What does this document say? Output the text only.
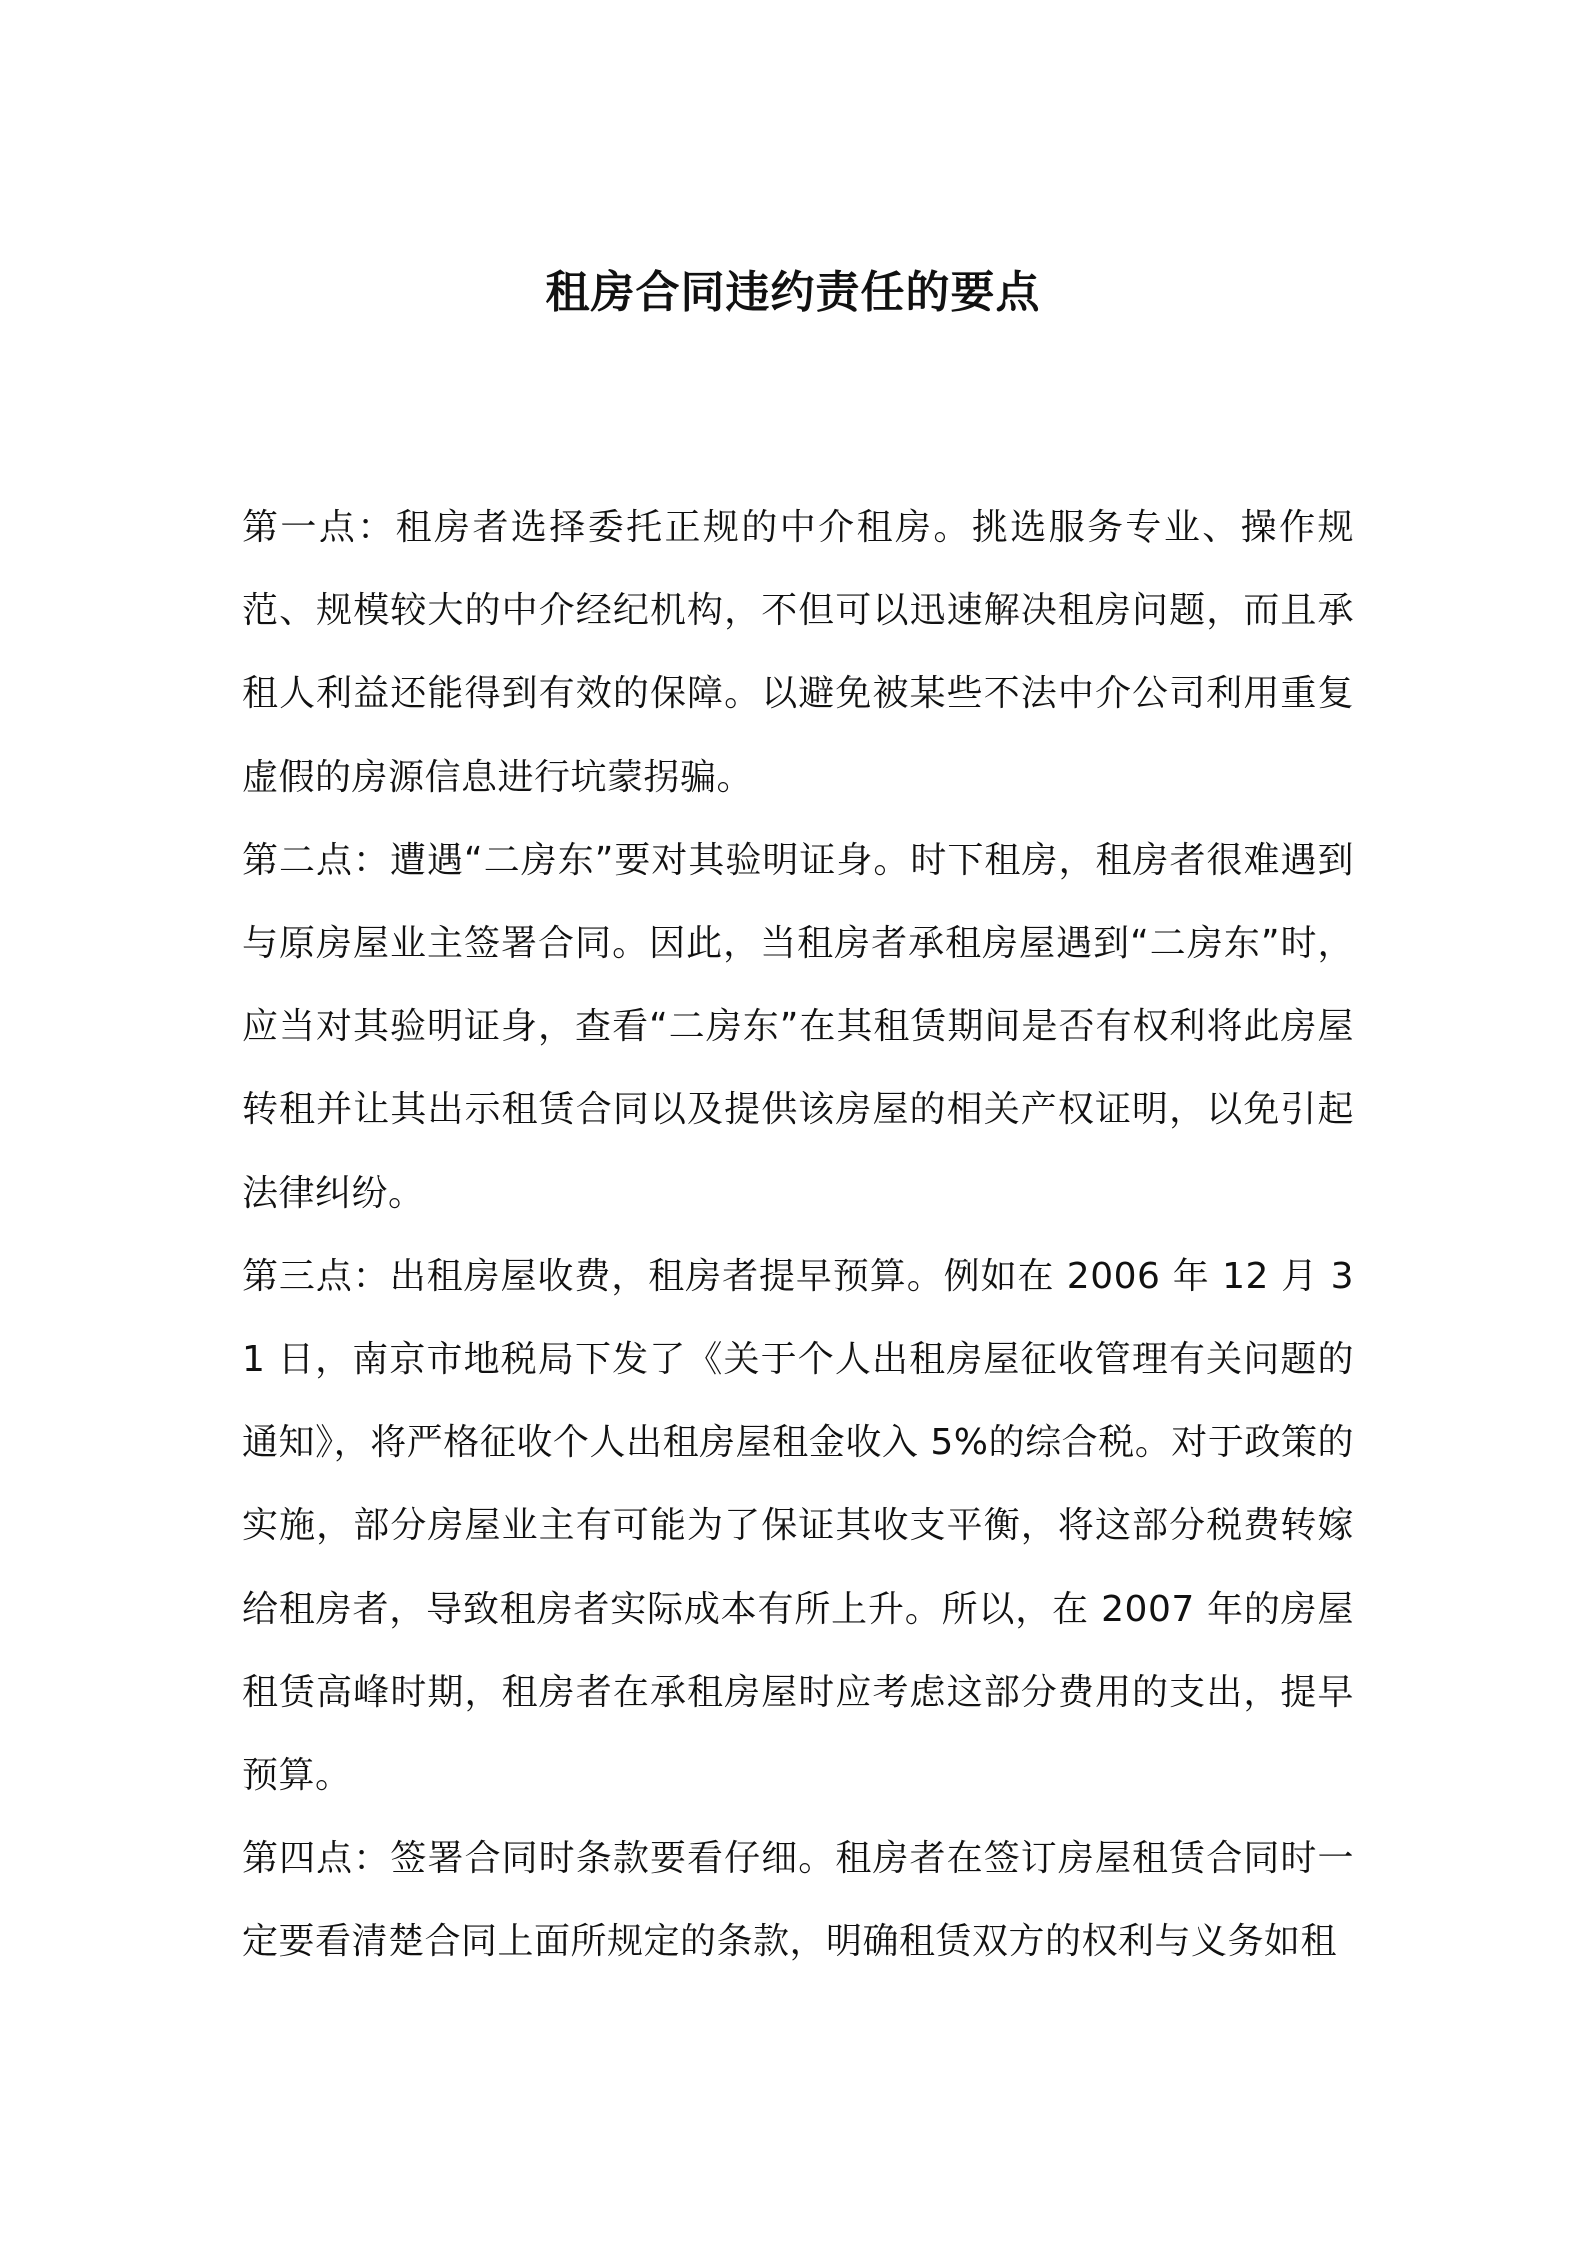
租房合同违约责任的要点

第一点：租房者选择委托正规的中介租房。挑选服务专业、操作规范、规模较大的中介经纪机构，不但可以迅速解决租房问题，而且承租人利益还能得到有效的保障。以避免被某些不法中介公司利用重复虚假的房源信息进行坑蒙拐骗。

第二点：遭遇“二房东”要对其验明证身。时下租房，租房者很难遇到与原房屋业主签署合同。因此，当租房者承租房屋遇到“二房东”时，应当对其验明证身，查看“二房东”在其租赁期间是否有权利将此房屋转租并让其出示租赁合同以及提供该房屋的相关产权证明，以免引起法律纠纷。

第三点：出租房屋收费，租房者提早预算。例如在 2006 年 12 月 31 日，南京市地税局下发了《关于个人出租房屋征收管理有关问题的通知》，将严格征收个人出租房屋租金收入 5%的综合税。对于政策的实施，部分房屋业主有可能为了保证其收支平衡，将这部分税费转嫁给租房者，导致租房者实际成本有所上升。所以，在 2007 年的房屋租赁高峰时期，租房者在承租房屋时应考虑这部分费用的支出，提早预算。

第四点：签署合同时条款要看仔细。租房者在签订房屋租赁合同时一定要看清楚合同上面所规定的条款，明确租赁双方的权利与义务如租
